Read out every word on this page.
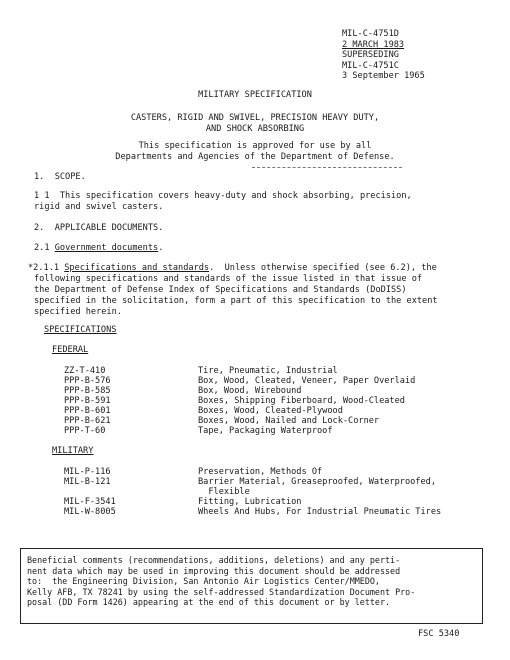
MIL-C-4751D
2 MARCH 1983
SUPERSEDING
MIL-C-4751C
3 September 1965
MILITARY SPECIFICATION
CASTERS, RIGID AND SWIVEL, PRECISION HEAVY DUTY,
AND SHOCK ABSORBING
This specification is approved for use by all
Departments and Agencies of the Department of Defense.
1.  SCOPE.
1 1  This specification covers heavy-duty and shock absorbing, precision,
rigid and swivel casters.
2.  APPLICABLE DOCUMENTS.
2.1 Government documents.
*2.1.1 Specifications and standards.  Unless otherwise specified (see 6.2), the
following specifications and standards of the issue listed in that issue of
the Department of Defense Index of Specifications and Standards (DoDISS)
specified in the solicitation, form a part of this specification to the extent
specified herein.
SPECIFICATIONS
FEDERAL
ZZ-T-410	Tire, Pneumatic, Industrial
PPP-B-576	Box, Wood, Cleated, Veneer, Paper Overlaid
PPP-B-585	Box, Wood, Wirebound
PPP-B-591	Boxes, Shipping Fiberboard, Wood-Cleated
PPP-B-601	Boxes, Wood, Cleated-Plywood
PPP-B-621	Boxes, Wood, Nailed and Lock-Corner
PPP-T-60	Tape, Packaging Waterproof
MILITARY
MIL-P-116	Preservation, Methods Of
MIL-B-121	Barrier Material, Greaseproofed, Waterproofed,
Flexible
MIL-F-3541	Fitting, Lubrication
MIL-W-8005	Wheels And Hubs, For Industrial Pneumatic Tires
Beneficial comments (recommendations, additions, deletions) and any perti-
nent data which may be used in improving this document should be addressed
to:  the Engineering Division, San Antonio Air Logistics Center/MMEDO,
Kelly AFB, TX 78241 by using the self-addressed Standardization Document Pro-
posal (DD Form 1426) appearing at the end of this document or by letter.
FSC 5340
